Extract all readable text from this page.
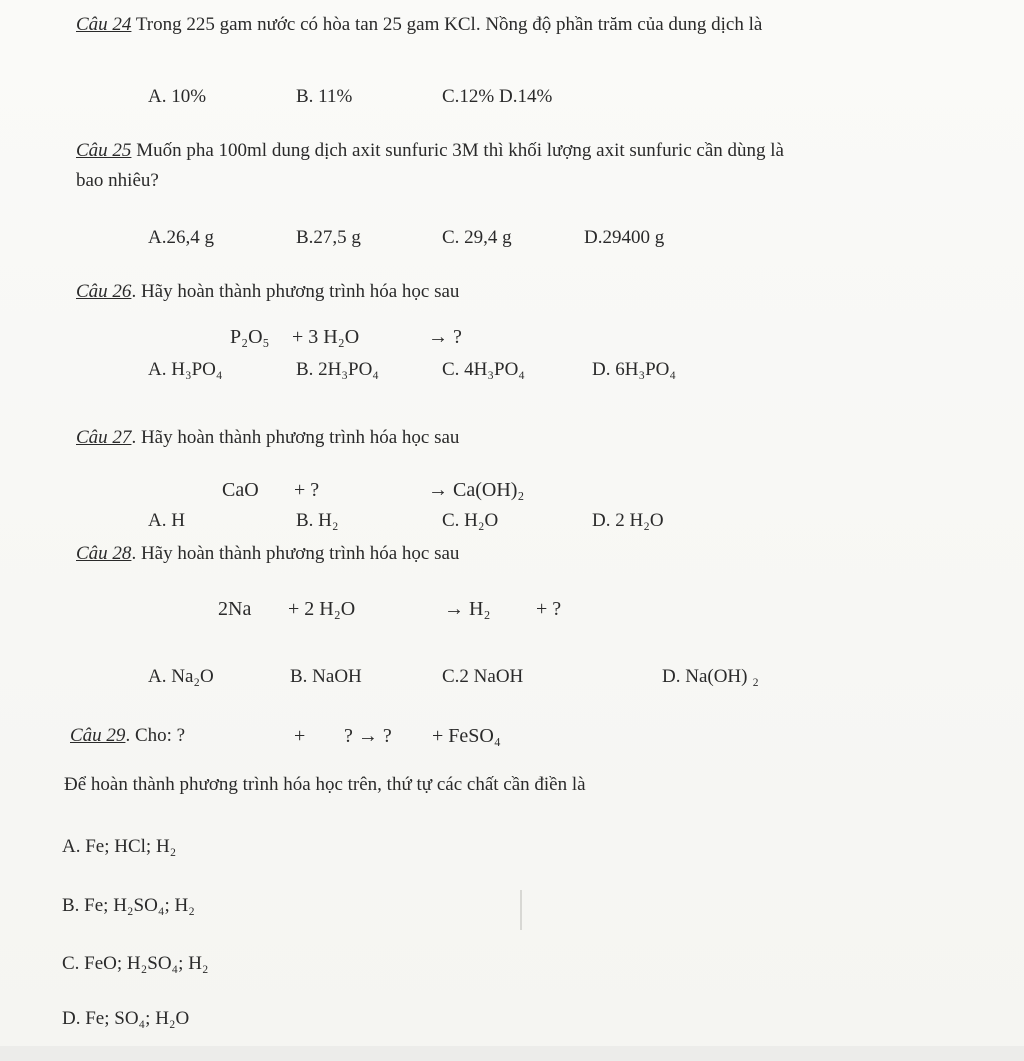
Câu 24 Trong 225 gam nước có hòa tan 25 gam KCl. Nồng độ phần trăm của dung dịch là
A. 10%	B. 11%	C.12% D.14%
Câu 25 Muốn pha 100ml dung dịch axit sunfuric 3M thì khối lượng axit sunfuric cần dùng là
bao nhiêu?
A.26,4 g	B.27,5 g	C. 29,4 g	D.29400 g
Câu 26. Hãy hoàn thành phương trình hóa học sau
P₂O₅ + 3 H₂O	→ ?
A. H₃PO₄	B. 2H₃PO₄	C. 4H₃PO₄	D. 6H₃PO₄
Câu 27. Hãy hoàn thành phương trình hóa học sau
CaO + ?	→ Ca(OH)₂
A. H	B. H₂	C. H₂O	D. 2 H₂O
Câu 28. Hãy hoàn thành phương trình hóa học sau
2Na + 2 H₂O	→ H₂ + ?
A. Na₂O	B. NaOH	C.2 NaOH	D. Na(OH) ₂
Câu 29. Cho: ?	+ ? → ? + FeSO₄
Để hoàn thành phương trình hóa học trên, thứ tự các chất cần điền là
A. Fe; HCl; H₂
B. Fe; H₂SO₄; H₂
C. FeO; H₂SO₄; H₂
D. Fe; SO₄; H₂O
